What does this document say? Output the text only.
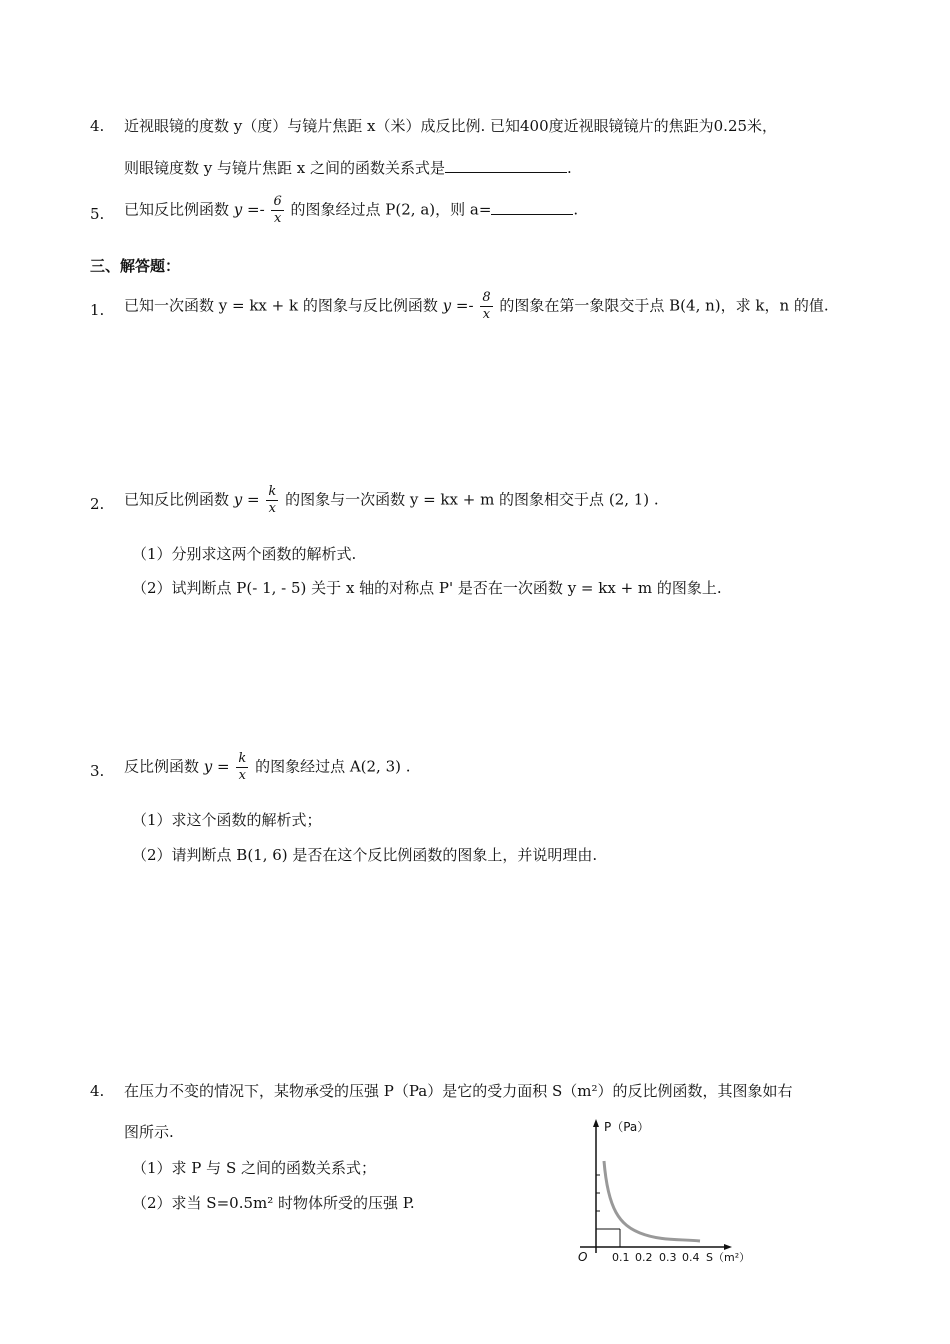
4. 近视眼镜的度数 y（度）与镜片焦距 x（米）成反比例. 已知400度近视眼镜镜片的焦距为0.25米，
则眼镜度数 y 与镜片焦距 x 之间的函数关系式是	.
5. 已知反比例函数 $y =- \frac{6}{x}$ 的图象经过点 P(2, a)，则 a=	.
三、解答题：
1. 已知一次函数 y = kx + k 的图象与反比例函数 $y =- \frac{8}{x}$ 的图象在第一象限交于点 B(4, n)，求 k，n 的值.
2. 已知反比例函数 $y = \frac{k}{x}$ 的图象与一次函数 y = kx + m 的图象相交于点 (2, 1) .
（1）分别求这两个函数的解析式.
（2）试判断点 P(- 1, - 5) 关于 x 轴的对称点 P' 是否在一次函数 y = kx + m 的图象上.
3. 反比例函数 $y = \frac{k}{x}$ 的图象经过点 A(2, 3) .
（1）求这个函数的解析式；
（2）请判断点 B(1, 6) 是否在这个反比例函数的图象上，并说明理由.
4. 在压力不变的情况下，某物承受的压强 P（Pa）是它的受力面积 S（m²）的反比例函数，其图象如右
图所示.
（1）求 P 与 S 之间的函数关系式；
（2）求当 S=0.5m² 时物体所受的压强 P.
P（Pa）
O 0.1 0.2 0.3 0.4 S（m²）
